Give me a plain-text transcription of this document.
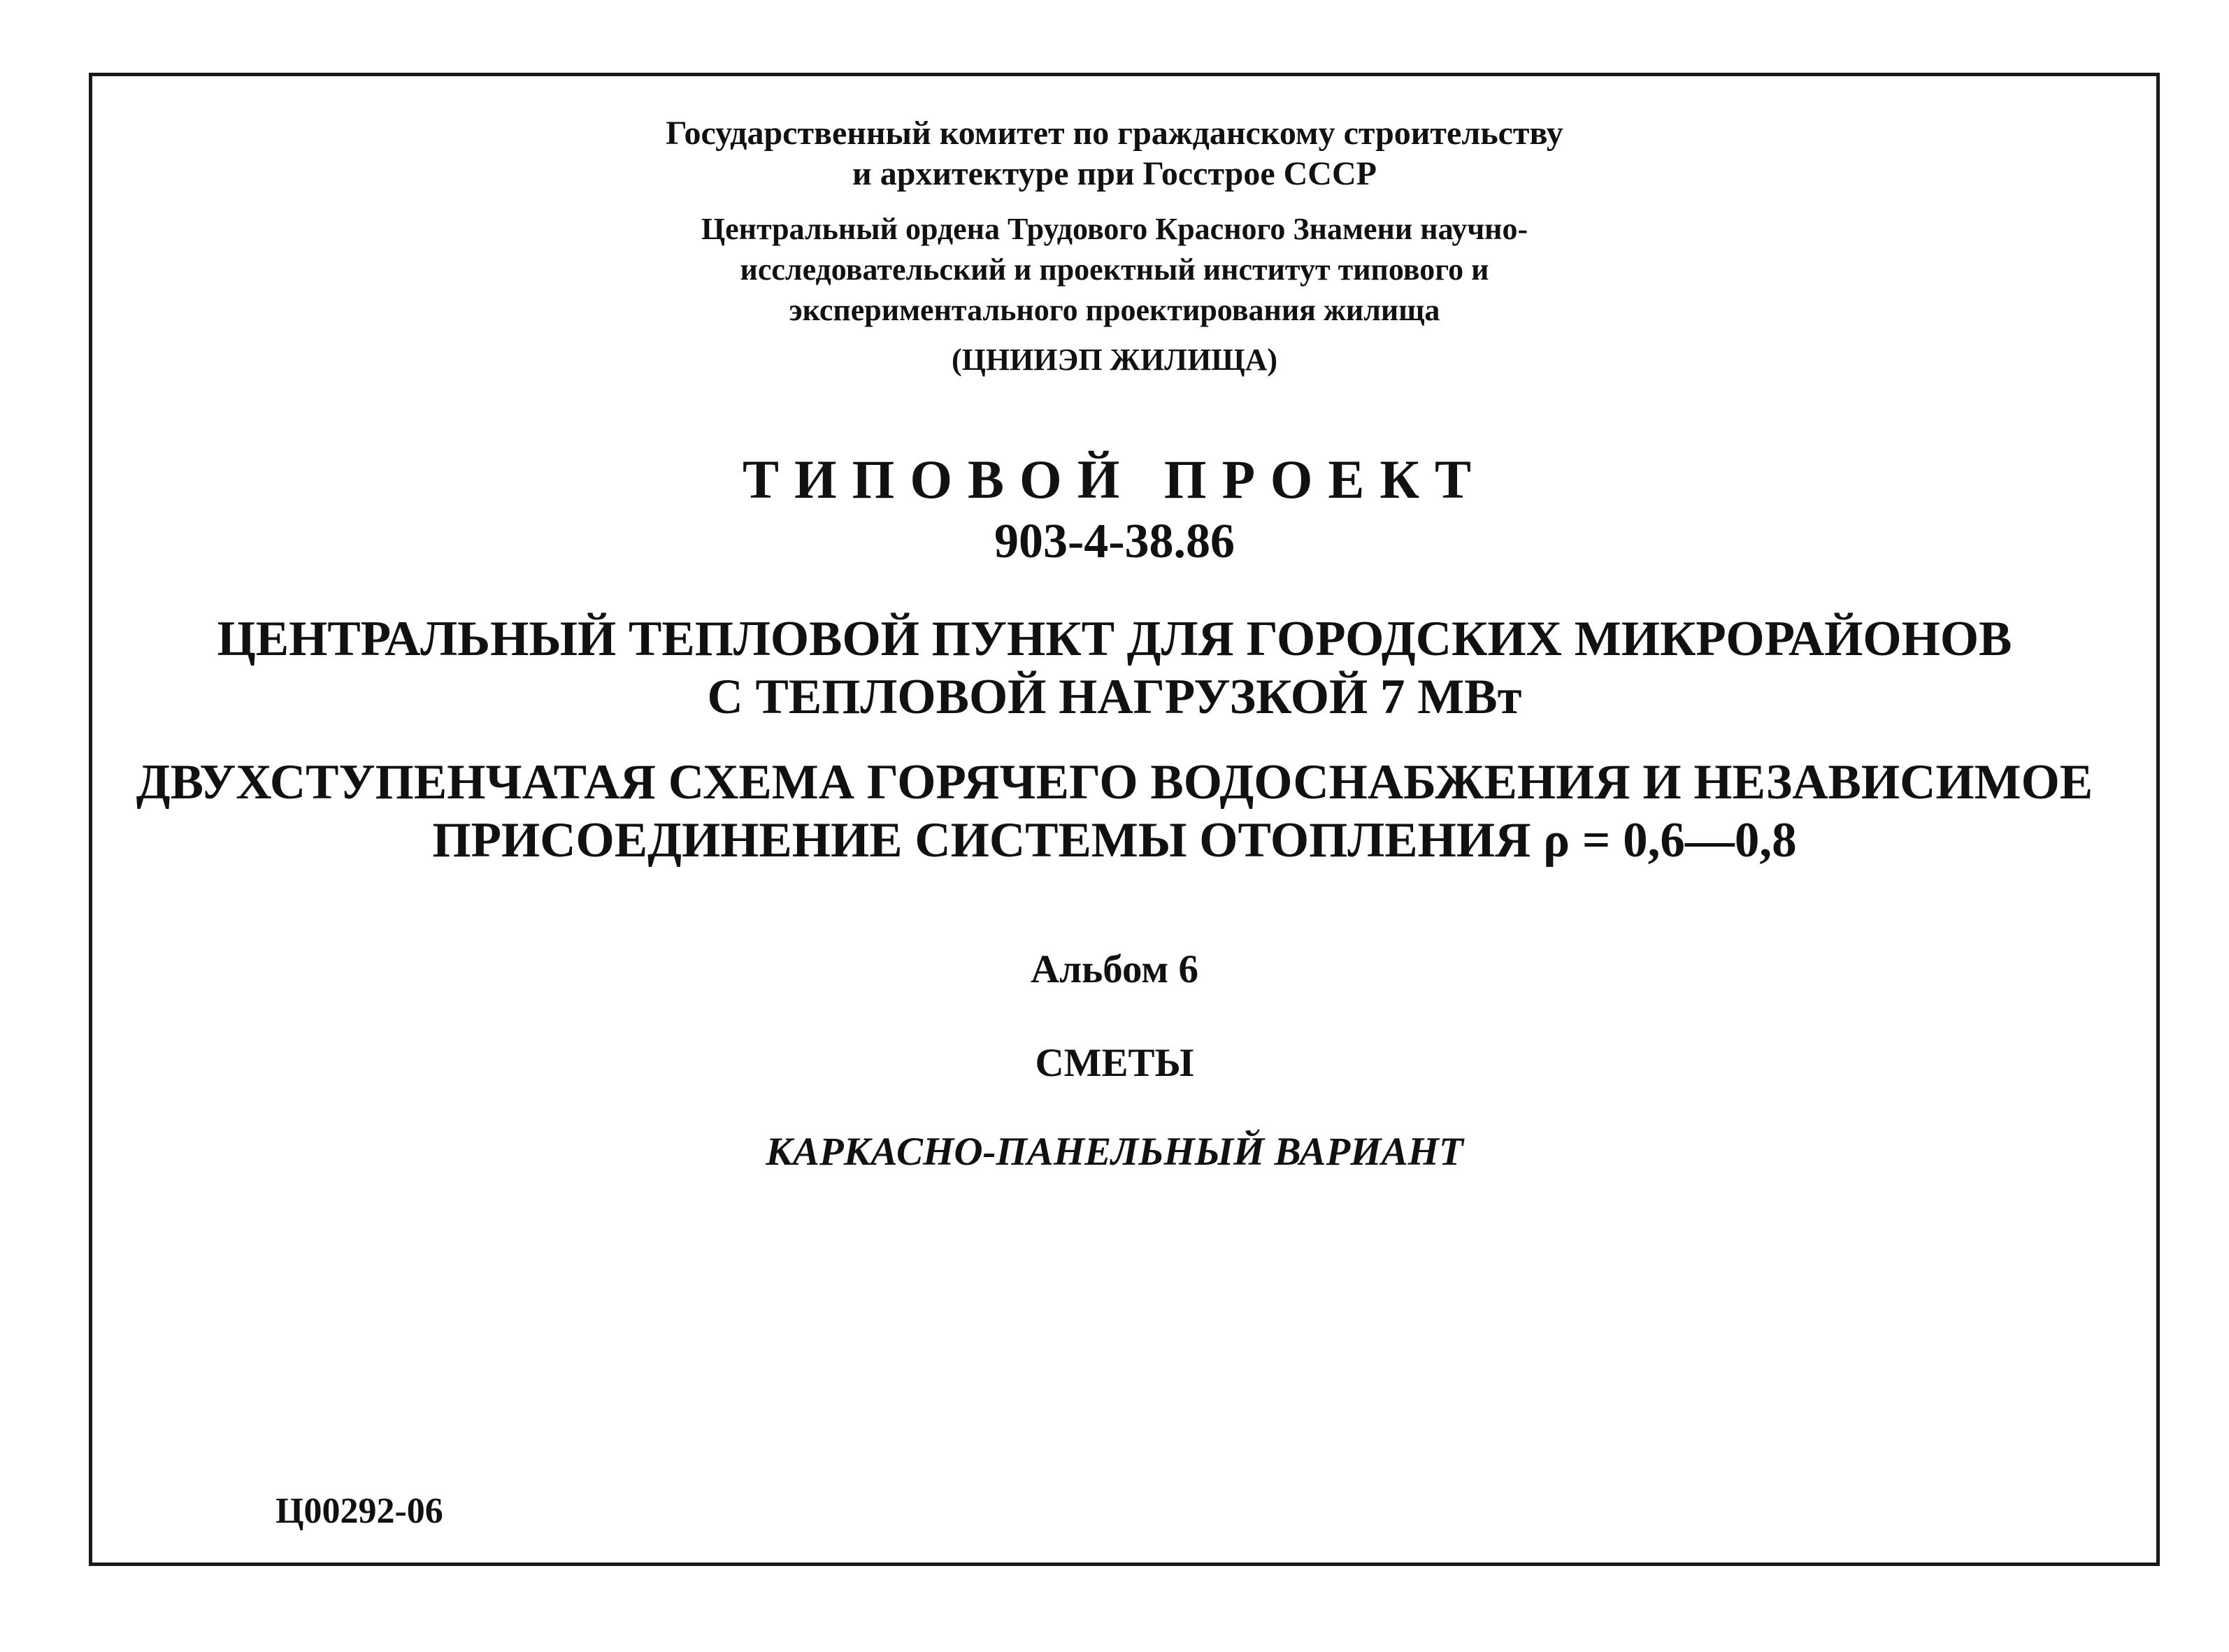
Государственный комитет по гражданскому строительству
и архитектуре при Госстрое СССР
Центральный ордена Трудового Красного Знамени научно-
исследовательский и проектный институт типового и
экспериментального проектирования жилища
(ЦНИИЭП ЖИЛИЩА)
ТИПОВОЙ ПРОЕКТ
903-4-38.86
ЦЕНТРАЛЬНЫЙ ТЕПЛОВОЙ ПУНКТ ДЛЯ ГОРОДСКИХ МИКРОРАЙОНОВ
С ТЕПЛОВОЙ НАГРУЗКОЙ 7 МВт
ДВУХСТУПЕНЧАТАЯ СХЕМА ГОРЯЧЕГО ВОДОСНАБЖЕНИЯ И НЕЗАВИСИМОЕ
ПРИСОЕДИНЕНИЕ СИСТЕМЫ ОТОПЛЕНИЯ ρ = 0,6—0,8
Альбом 6
СМЕТЫ
КАРКАСНО-ПАНЕЛЬНЫЙ ВАРИАНТ
Ц00292-06
